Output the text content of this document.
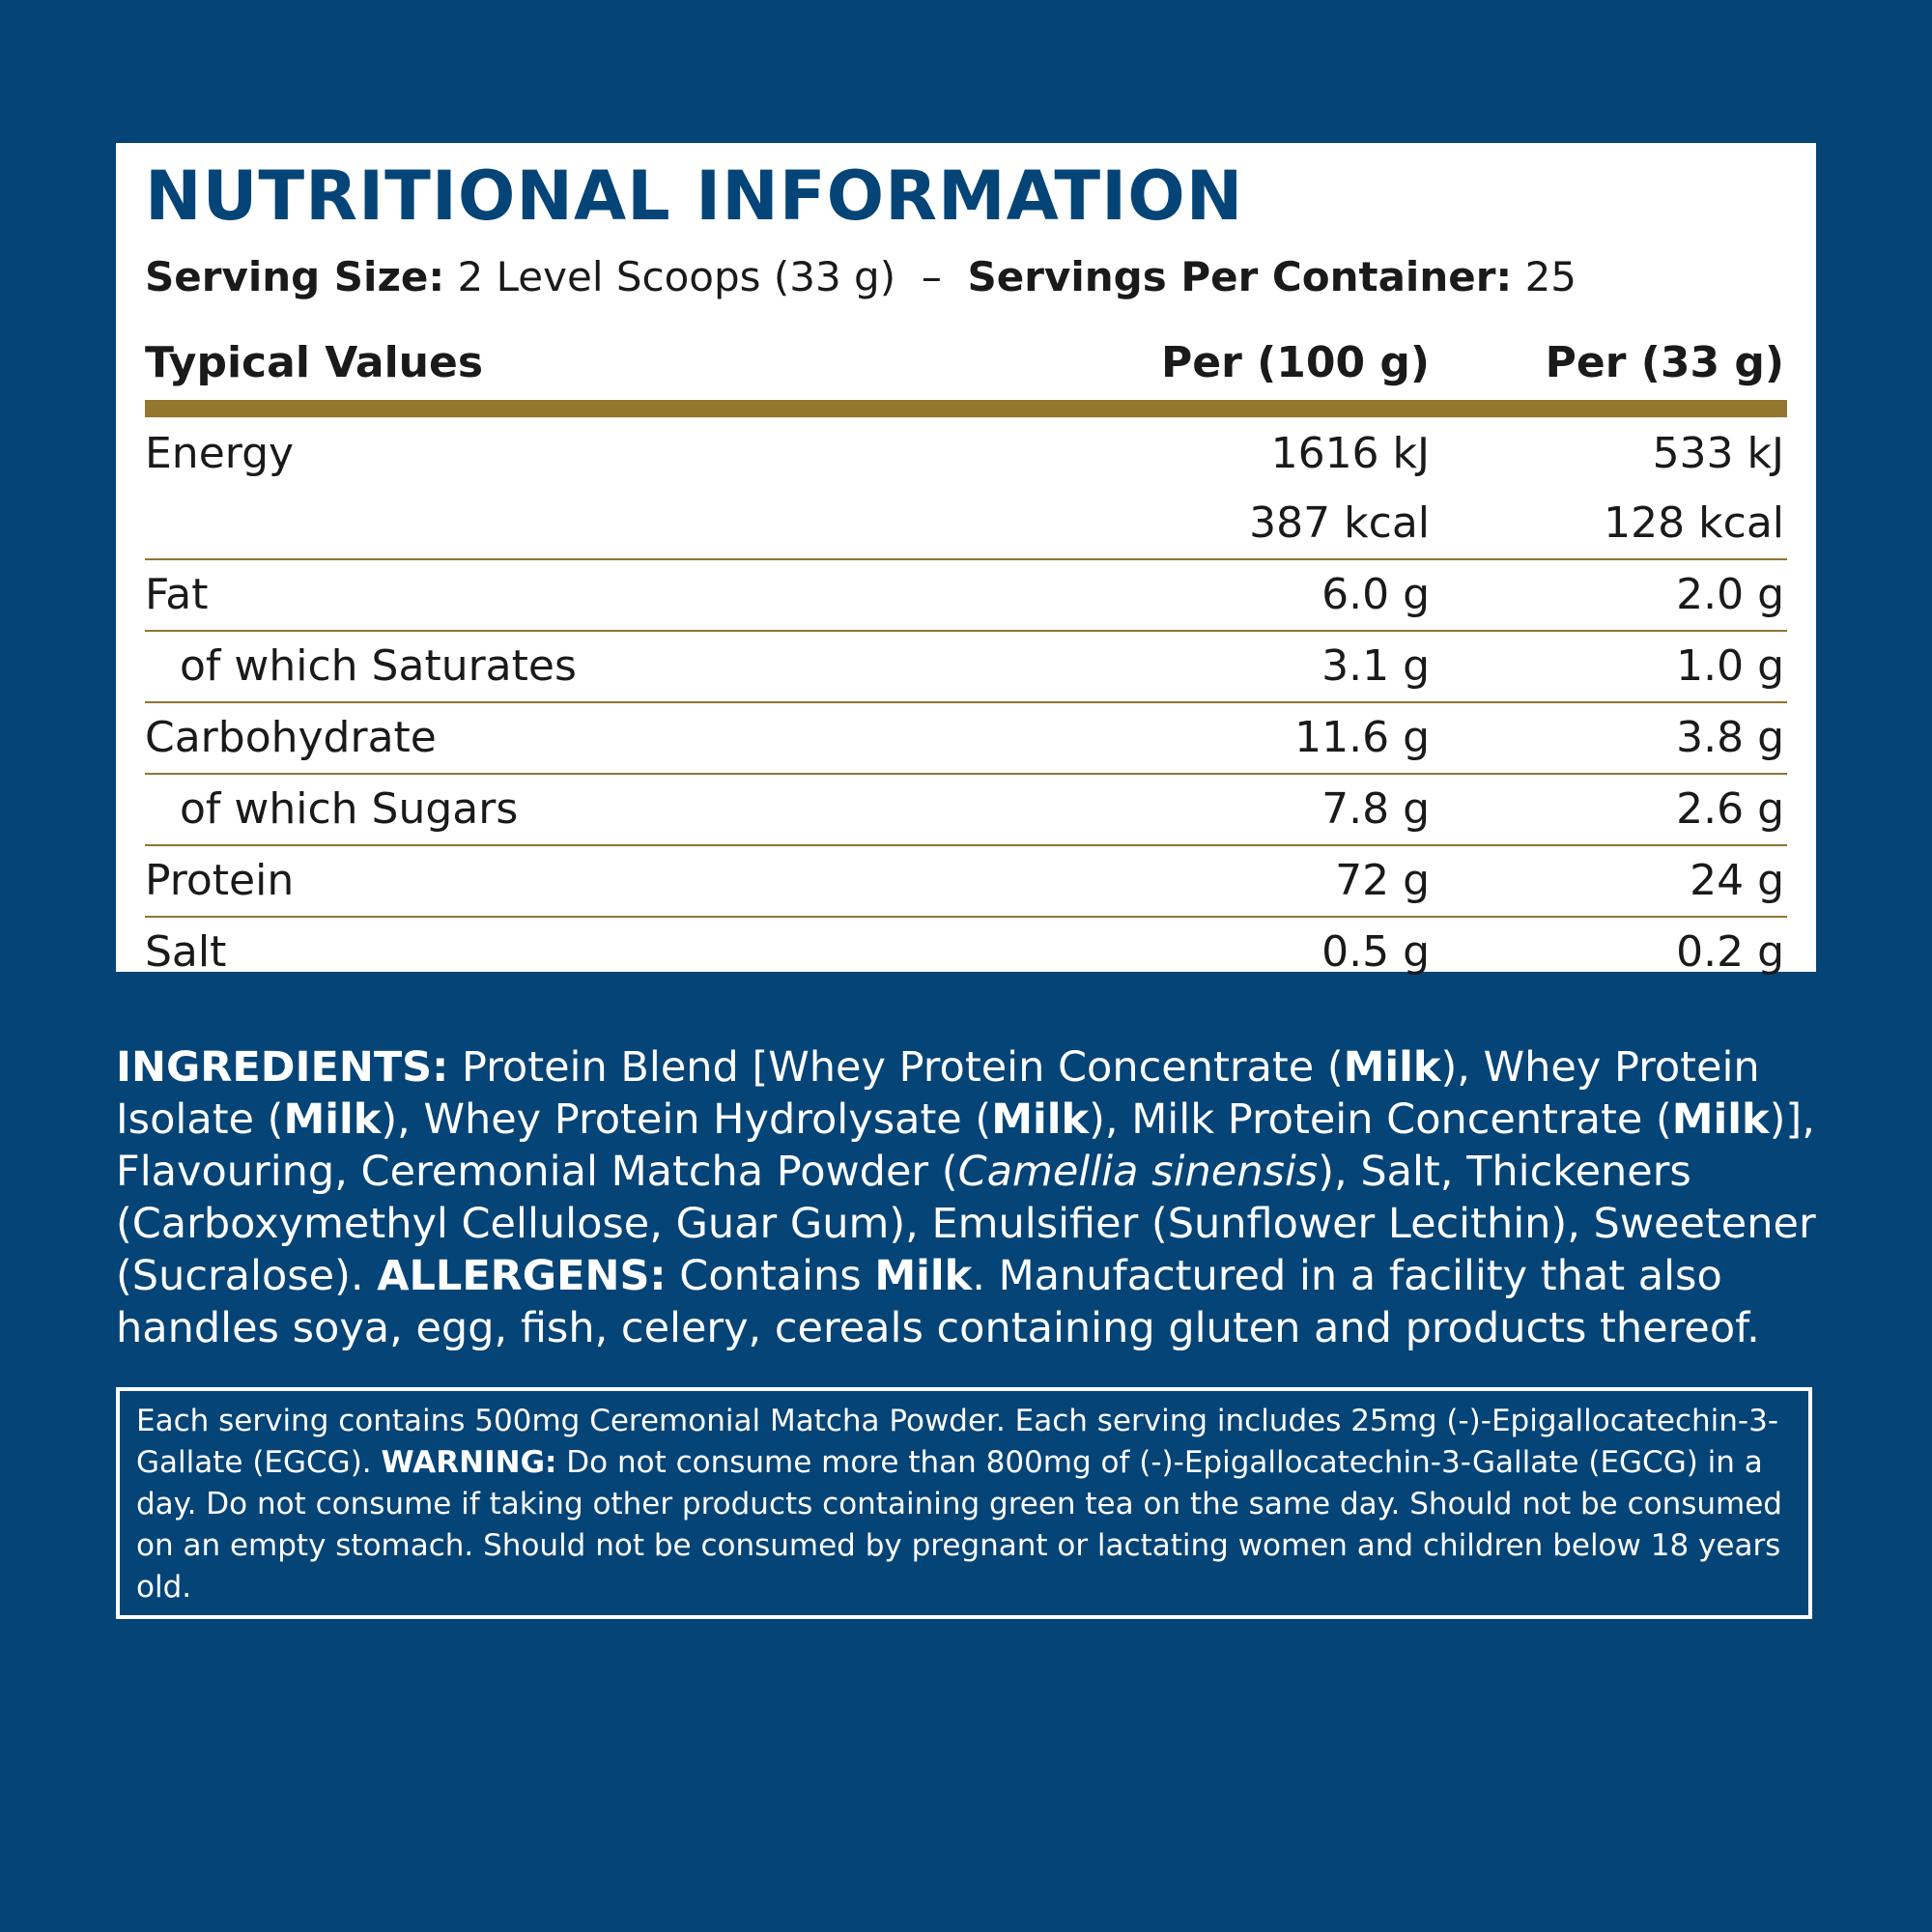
NUTRITIONAL INFORMATION
Serving Size: 2 Level Scoops (33 g) – Servings Per Container: 25
Typical Values	Per (100 g)	Per (33 g)
Energy	1616 kJ	533 kJ
387 kcal	128 kcal
Fat	6.0 g	2.0 g
of which Saturates	3.1 g	1.0 g
Carbohydrate	11.6 g	3.8 g
of which Sugars	7.8 g	2.6 g
Protein	72 g	24 g
Salt	0.5 g	0.2 g
INGREDIENTS: Protein Blend [Whey Protein Concentrate (Milk), Whey Protein Isolate (Milk), Whey Protein Hydrolysate (Milk), Milk Protein Concentrate (Milk)], Flavouring, Ceremonial Matcha Powder (Camellia sinensis), Salt, Thickeners (Carboxymethyl Cellulose, Guar Gum), Emulsifier (Sunflower Lecithin), Sweetener (Sucralose). ALLERGENS: Contains Milk. Manufactured in a facility that also handles soya, egg, fish, celery, cereals containing gluten and products thereof.
Each serving contains 500mg Ceremonial Matcha Powder. Each serving includes 25mg (-)-Epigallocatechin-3-Gallate (EGCG). WARNING: Do not consume more than 800mg of (-)-Epigallocatechin-3-Gallate (EGCG) in a day. Do not consume if taking other products containing green tea on the same day. Should not be consumed on an empty stomach. Should not be consumed by pregnant or lactating women and children below 18 years old.
